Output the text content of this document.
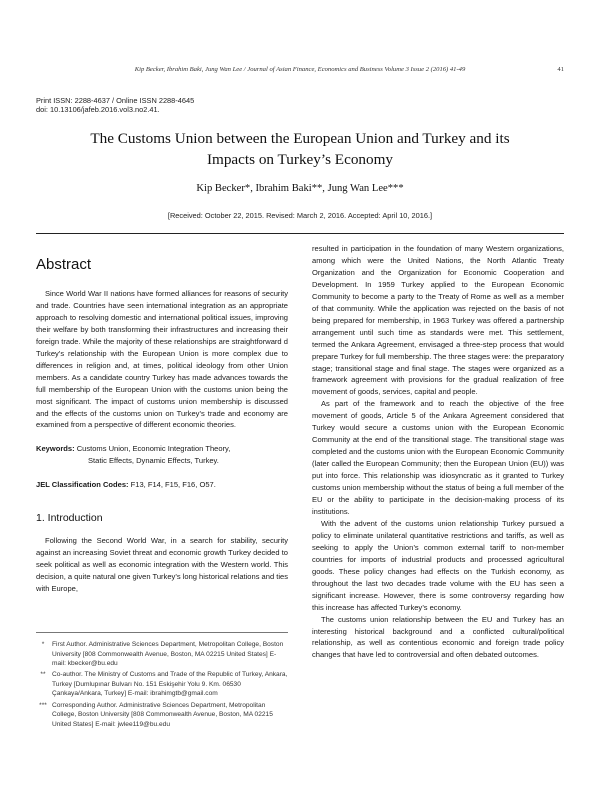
Kip Becker, Ibrahim Baki, Jung Wan Lee / Journal of Asian Finance, Economics and Business Volume 3 Issue 2 (2016) 41-49	41
Print ISSN: 2288-4637 / Online ISSN 2288-4645
doi: 10.13106/jafeb.2016.vol3.no2.41.
The Customs Union between the European Union and Turkey and its
Impacts on Turkey’s Economy
Kip Becker*, Ibrahim Baki**, Jung Wan Lee***
[Received: October 22, 2015. Revised: March 2, 2016. Accepted: April 10, 2016.]
Abstract

Since World War II nations have formed alliances for reasons of security and trade. Countries have seen international integration as an appropriate approach to resolving domestic and international political issues, improving their welfare by both transforming their infrastructures and increasing their foreign trade. While the majority of these relationships are straightforward d Turkey’s relationship with the European Union is more complex due to differences in religion and, at times, political ideology from other Union members. As a candidate country Turkey has made advances towards the full membership of the European Union with the customs union being the most significant. The impact of customs union membership is discussed and the effects of the customs union on Turkey’s trade and economy are examined from a perspective of different economic theories.

Keywords: Customs Union, Economic Integration Theory,
Static Effects, Dynamic Effects, Turkey.
JEL Classification Codes: F13, F14, F15, F16, O57.
1. Introduction

Following the Second World War, in a search for stability, security against an increasing Soviet threat and economic growth Turkey decided to seek political as well as economic integration with the Western world. This decision, a quite natural one given Turkey’s long historical relations and ties with Europe,

*	First Author. Administrative Sciences Department, Metropolitan College, Boston University [808 Commonwealth Avenue, Boston, MA 02215 United States] E-mail: kbecker@bu.edu
** Co-author. The Ministry of Customs and Trade of the Republic of Turkey, Ankara, Turkey [Dumlupınar Bulvarı No. 151 Eskişehir Yolu 9. Km. 06530 Çankaya/Ankara, Turkey] E-mail: ibrahimgtb@gmail.com
*** Corresponding Author. Administrative Sciences Department, Metropolitan College, Boston University [808 Commonwealth Avenue, Boston, MA 02215 United States] E-mail: jwlee119@bu.edu

resulted in participation in the foundation of many Western organizations, among which were the United Nations, the North Atlantic Treaty Organization and the Organization for Economic Cooperation and Development. In 1959 Turkey applied to the European Economic Community to become a party to the Treaty of Rome as well as a member of that community. While the application was rejected on the basis of not being prepared for membership, in 1963 Turkey was offered a partnership arrangement until such time as standards were met. This settlement, termed the Ankara Agreement, envisaged a three-step process that would prepare Turkey for full membership. The three stages were: the preparatory stage; transitional stage and final stage. The stages were organized as a framework agreement with provisions for the gradual realization of free movement of goods, services, capital and people.

As part of the framework and to reach the objective of the free movement of goods, Article 5 of the Ankara Agreement considered that Turkey would secure a customs union with the European Economic Community at the end of the transitional stage. The transitional stage was completed and the customs union with the European Economic Community (later called the European Community; then the European Union (EU)) was put into force. This relationship was idiosyncratic as it granted to Turkey customs union membership without the status of being a full member of the EU or the ability to participate in the decision-making process of its institutions.

With the advent of the customs union relationship Turkey pursued a policy to eliminate unilateral quantitative restrictions and tariffs, as well as seeking to apply the Union’s common external tariff to non-member countries for imports of industrial products and processed agricultural goods. These policy changes had effects on the Turkish economy, as throughout the last two decades trade volume with the EU has seen a significant increase. However, there is some controversy regarding how this increase has affected Turkey’s economy.

The customs union relationship between the EU and Turkey has an interesting historical background and a conflicted cultural/political relationship, as well as contentious economic and foreign trade policy changes that have led to controversial and often debated outcomes.
